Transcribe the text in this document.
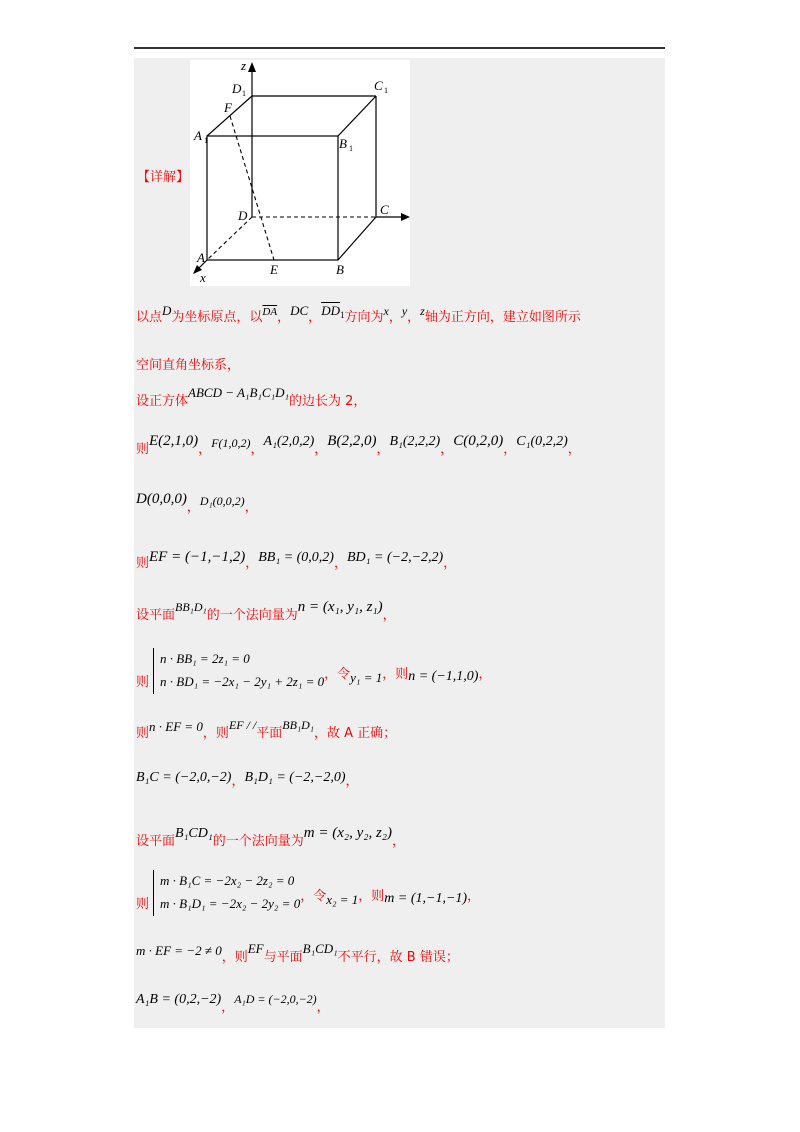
z
x
D 1
C 1
F
A 1	B 1
D	C
A
E	B
【详解】
以点D为坐标原点，以$^{\overline{DA}}$，DC，$\overline{DD}^1$方向为x，y，z轴为正方向，建立如图所示
空间直角坐标系，
设正方体ABCD − A₁B₁C₁D₁的边长为 2，
则E(2,1,0)，F(1,0,2)，A₁(2,0,2)，B(2,2,0)，B₁(2,2,2)，C(0,2,0)，C₁(0,2,2)，
D(0,0,0)，D₁(0,0,2)，
则EF = (−1,−1,2)，BB₁ = (0,0,2)，BD₁ = (−2,−2,2)，
设平面BB₁D₁的一个法向量为n = (x₁, y₁, z₁)，
则n · BB₁ = 2z₁ = 0
n · BD₁ = −2x₁ − 2y₁ + 2z₁ = 0，令y₁ = 1，则n = (−1,1,0)，
则n · EF = 0，则EF / /平面BB₁D₁，故 A 正确；
B₁C = (−2,0,−2)，B₁D₁ = (−2,−2,0)，
设平面B₁CD₁的一个法向量为m = (x₂, y₂, z₂)，
则m · B₁C = −2x₂ − 2z₂ = 0
m · B₁D₁ = −2x₂ − 2y₂ = 0，令x₂ = 1，则m = (1,−1,−1)，
m · EF = −2 ≠ 0，则EF与平面B₁CD₁不平行，故 B 错误；
A₁B = (0,2,−2)，A₁D = (−2,0,−2)，
